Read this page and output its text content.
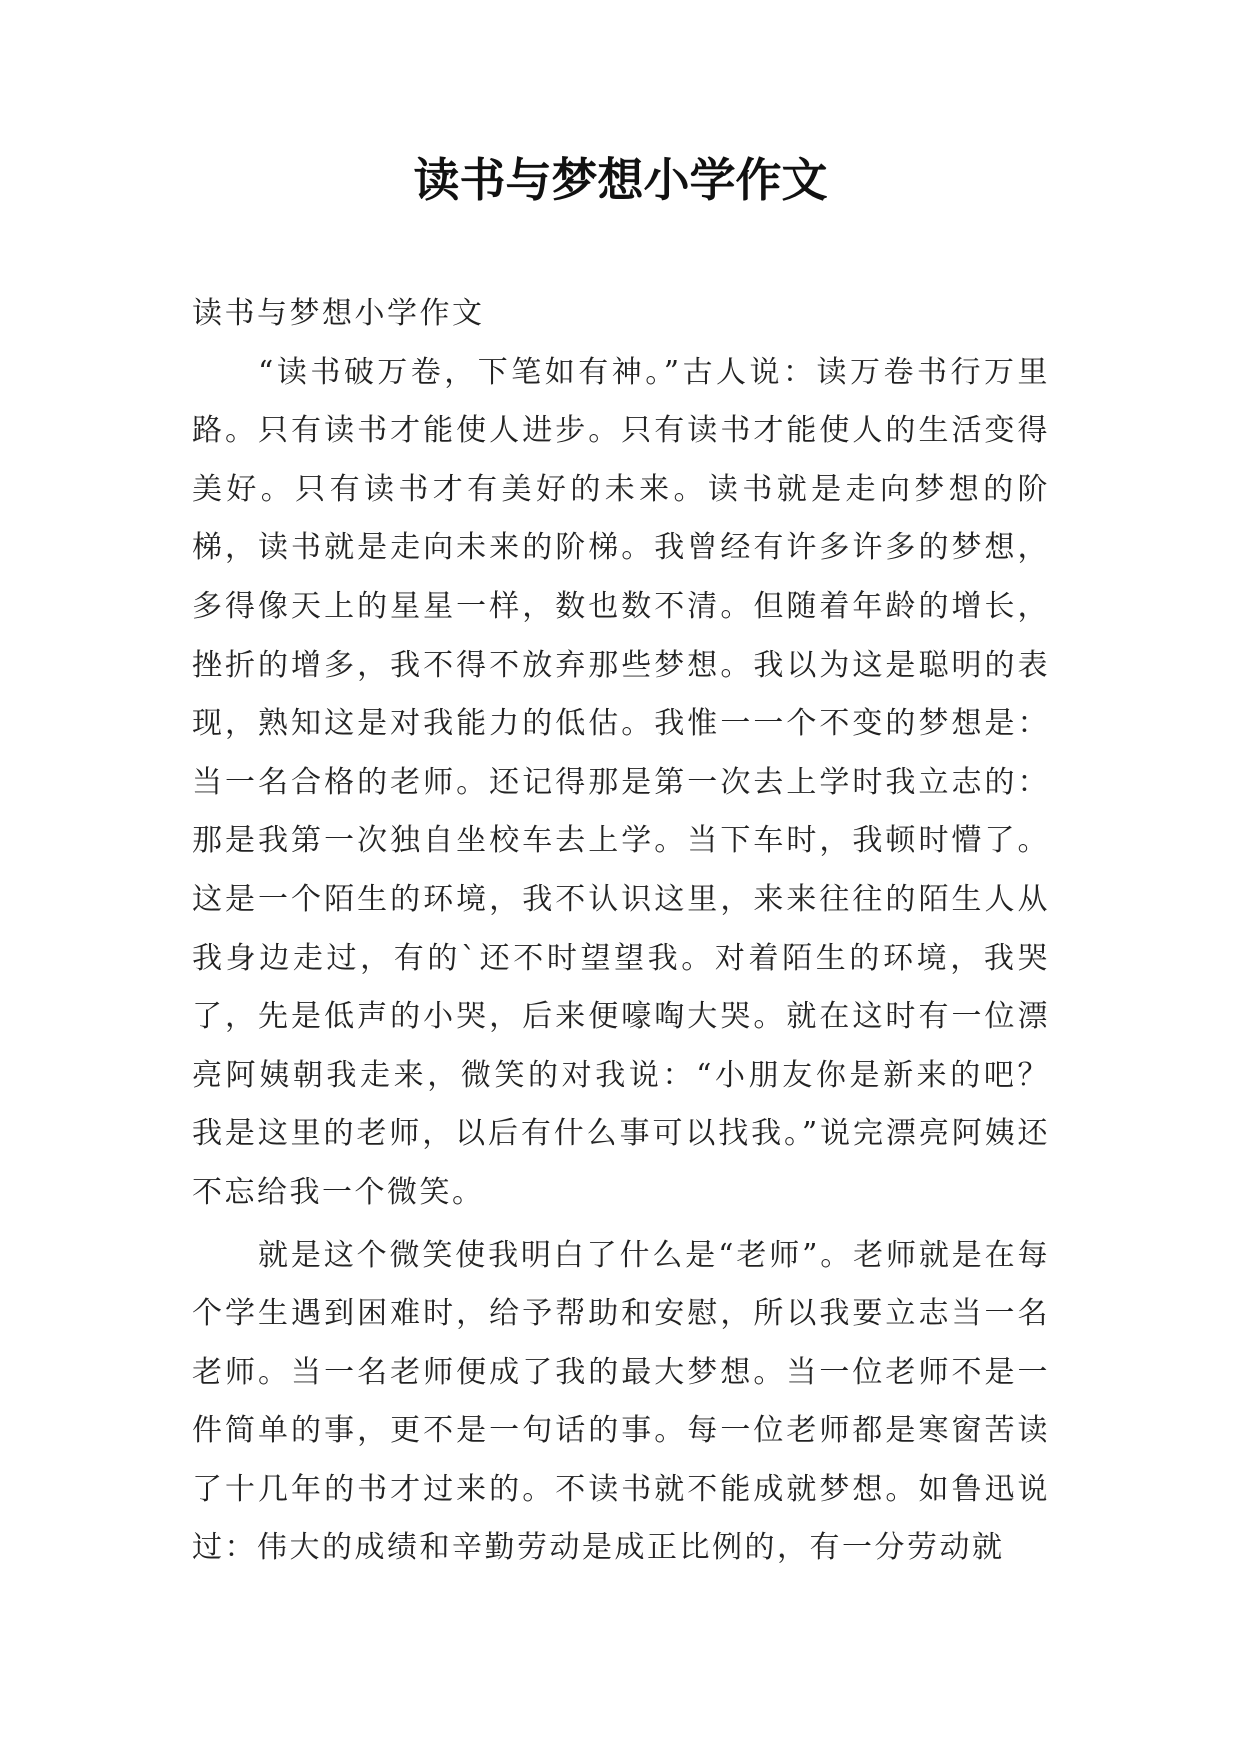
读书与梦想小学作文

读书与梦想小学作文

“读书破万卷，下笔如有神。”古人说：读万卷书行万里路。只有读书才能使人进步。只有读书才能使人的生活变得美好。只有读书才有美好的未来。读书就是走向梦想的阶梯，读书就是走向未来的阶梯。我曾经有许多许多的梦想，多得像天上的星星一样，数也数不清。但随着年龄的增长，挫折的增多，我不得不放弃那些梦想。我以为这是聪明的表现，熟知这是对我能力的低估。我惟一一个不变的梦想是：当一名合格的老师。还记得那是第一次去上学时我立志的：那是我第一次独自坐校车去上学。当下车时，我顿时懵了。这是一个陌生的环境，我不认识这里，来来往往的陌生人从我身边走过，有的`还不时望望我。对着陌生的环境，我哭了，先是低声的小哭，后来便嚎啕大哭。就在这时有一位漂亮阿姨朝我走来，微笑的对我说：“小朋友你是新来的吧？我是这里的老师，以后有什么事可以找我。”说完漂亮阿姨还不忘给我一个微笑。

就是这个微笑使我明白了什么是“老师”。老师就是在每个学生遇到困难时，给予帮助和安慰，所以我要立志当一名老师。当一名老师便成了我的最大梦想。当一位老师不是一件简单的事，更不是一句话的事。每一位老师都是寒窗苦读了十几年的书才过来的。不读书就不能成就梦想。如鲁迅说过：伟大的成绩和辛勤劳动是成正比例的，有一分劳动就
